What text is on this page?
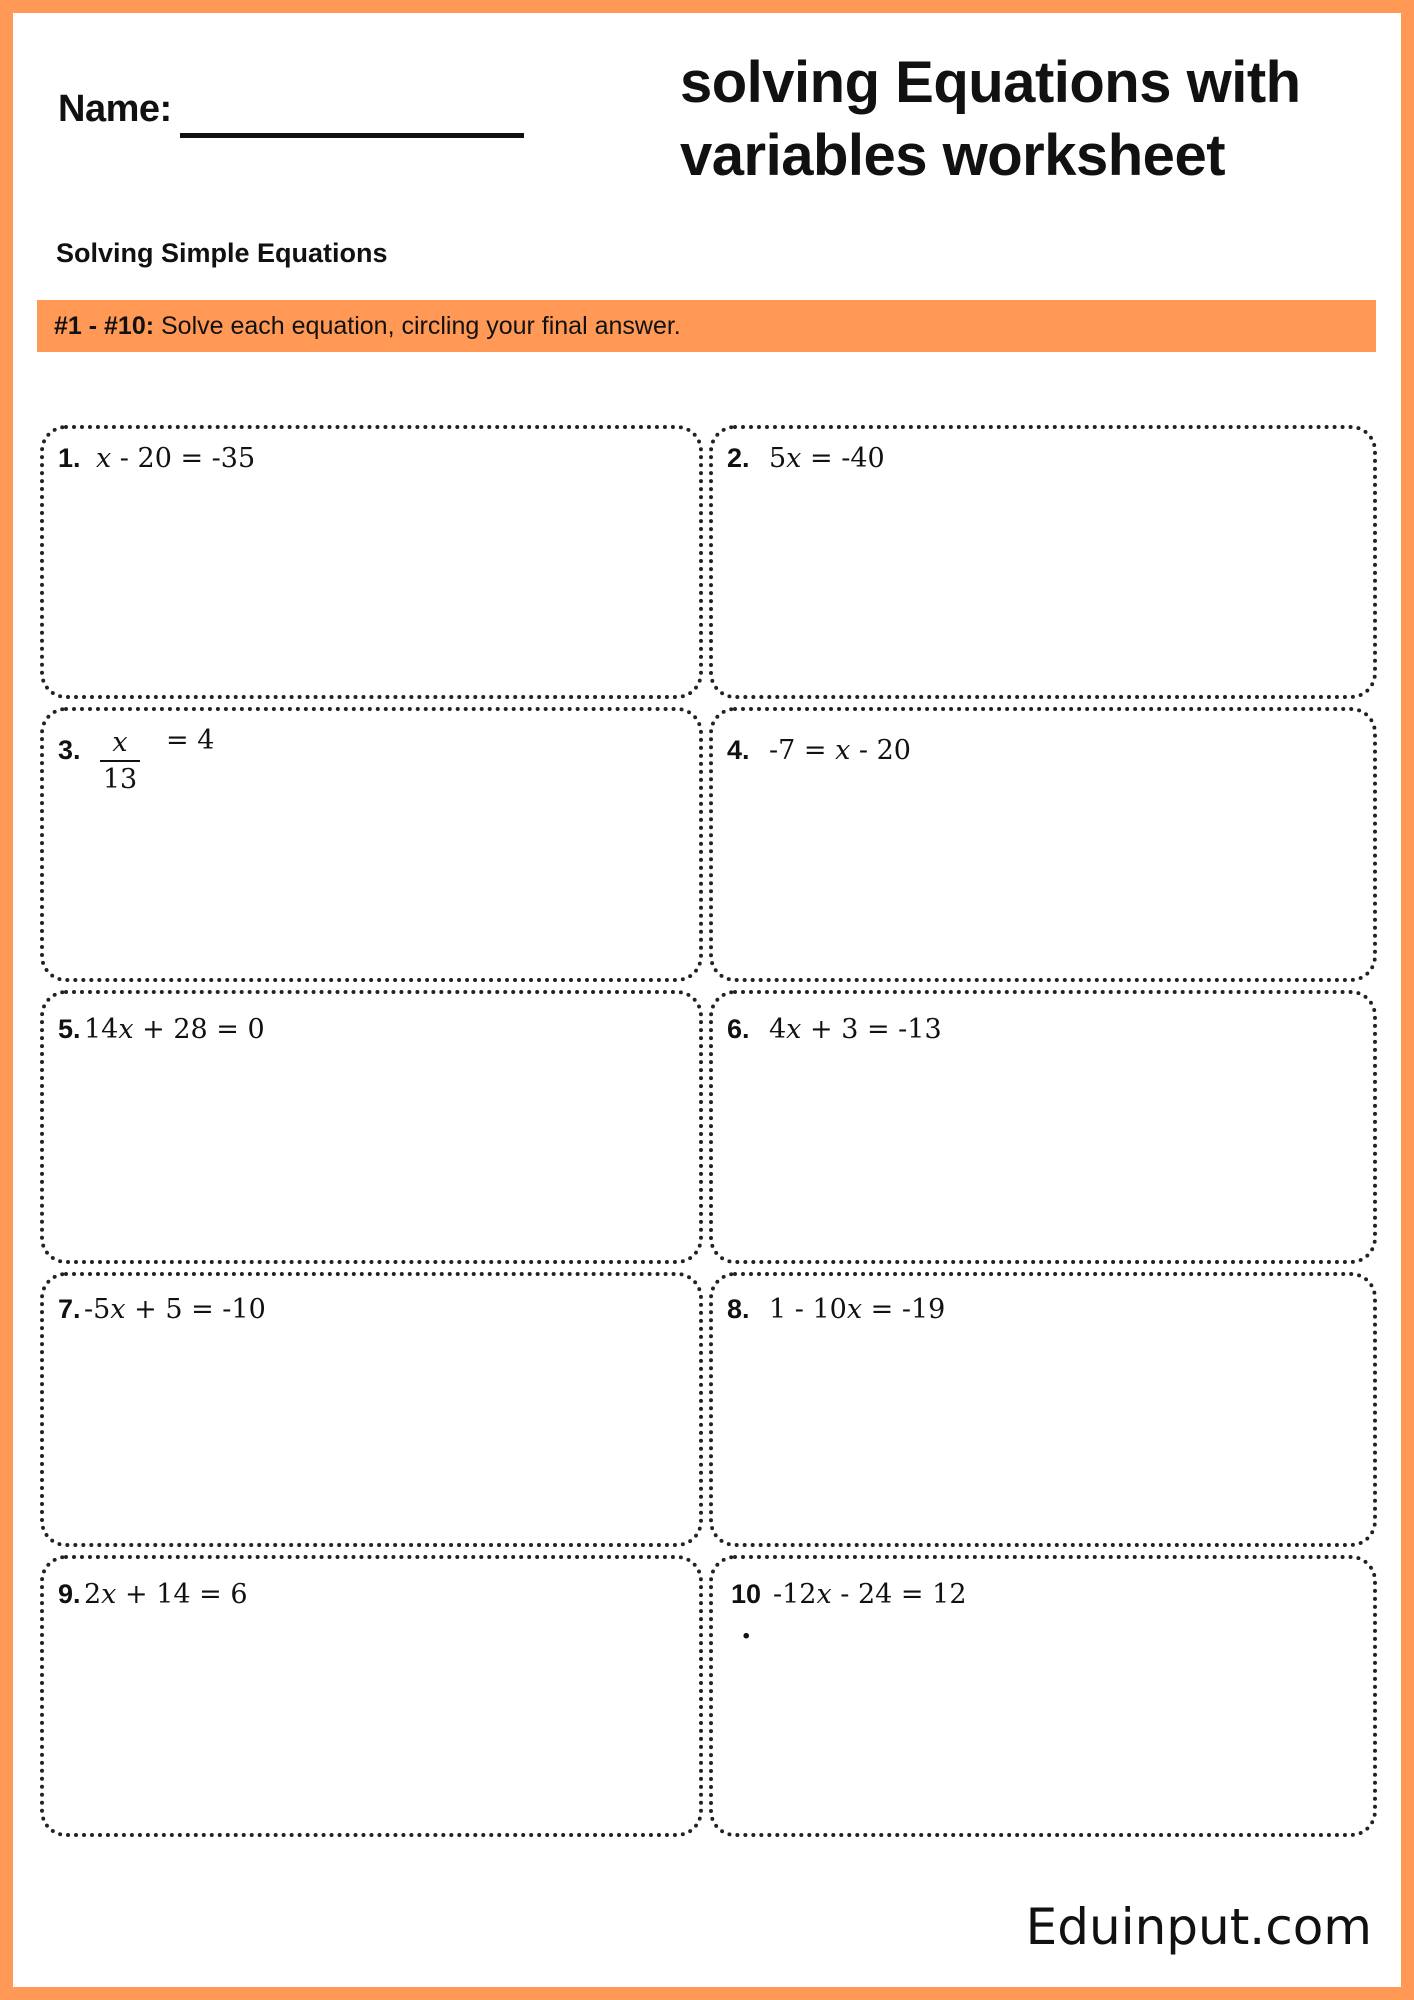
Name:	solving Equations with
variables worksheet
Solving Simple Equations
#1 - #10: Solve each equation, circling your final answer.
1. 𝑥 - 20 = -35	2. 5𝑥 = -40
3.	𝑥
13
= 4	4. -7 = 𝑥 - 20
5. 14𝑥 + 28 = 0	6. 4𝑥 + 3 = -13
7. -5𝑥 + 5 = -10	8. 1 - 10𝑥 = -19
9. 2𝑥 + 14 = 6	10 -12𝑥 - 24 = 12
.
Eduinput.com
